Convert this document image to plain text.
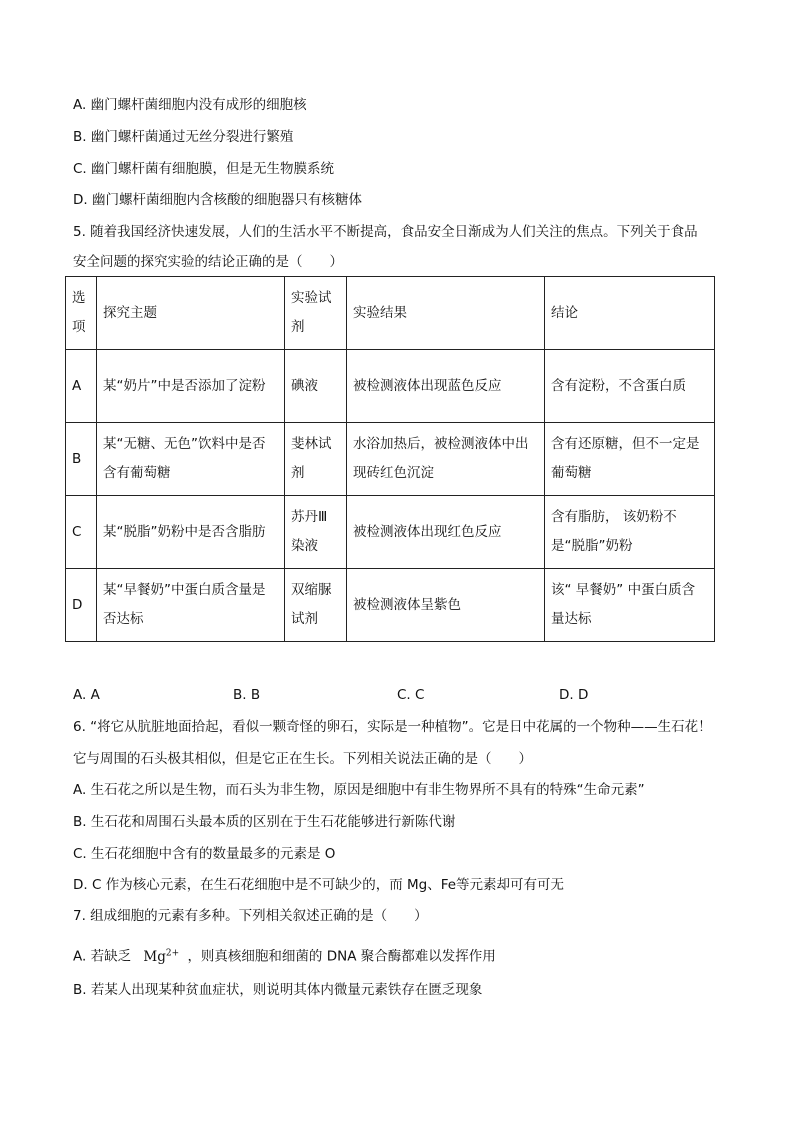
A. 幽门螺杆菌细胞内没有成形的细胞核
B. 幽门螺杆菌通过无丝分裂进行繁殖
C. 幽门螺杆菌有细胞膜，但是无生物膜系统
D. 幽门螺杆菌细胞内含核酸的细胞器只有核糖体
5. 随着我国经济快速发展，人们的生活水平不断提高，食品安全日渐成为人们关注的焦点。下列关于食品
安全问题的探究实验的结论正确的是（　　）
选项	探究主题	实验试剂	实验结果	结论
A	某“奶片”中是否添加了淀粉	碘液	被检测液体出现蓝色反应	含有淀粉，不含蛋白质
B	某“无糖、无色”饮料中是否含有葡萄糖	斐林试剂	水浴加热后，被检测液体中出现砖红色沉淀	含有还原糖，但不一定是葡萄糖
C	某“脱脂”奶粉中是否含脂肪	苏丹Ⅲ染液	被检测液体出现红色反应	含有脂肪， 该奶粉不是“脱脂”奶粉
D	某“早餐奶”中蛋白质含量是否达标	双缩脲试剂	被检测液体呈紫色	该“ 早餐奶” 中蛋白质含量达标
A. A	B. B	C. C	D. D
6. “将它从肮脏地面拾起，看似一颗奇怪的卵石，实际是一种植物”。它是日中花属的一个物种——生石花！
它与周围的石头极其相似，但是它正在生长。下列相关说法正确的是（　　）
A. 生石花之所以是生物，而石头为非生物，原因是细胞中有非生物界所不具有的特殊“生命元素”
B. 生石花和周围石头最本质的区别在于生石花能够进行新陈代谢
C. 生石花细胞中含有的数量最多的元素是 O
D. C 作为核心元素，在生石花细胞中是不可缺少的，而 Mg、Fe等元素却可有可无
7. 组成细胞的元素有多种。下列相关叙述正确的是（　　）
A. 若缺乏 $Mg^{2+}$ ，则真核细胞和细菌的 DNA 聚合酶都难以发挥作用
B. 若某人出现某种贫血症状，则说明其体内微量元素铁存在匮乏现象
